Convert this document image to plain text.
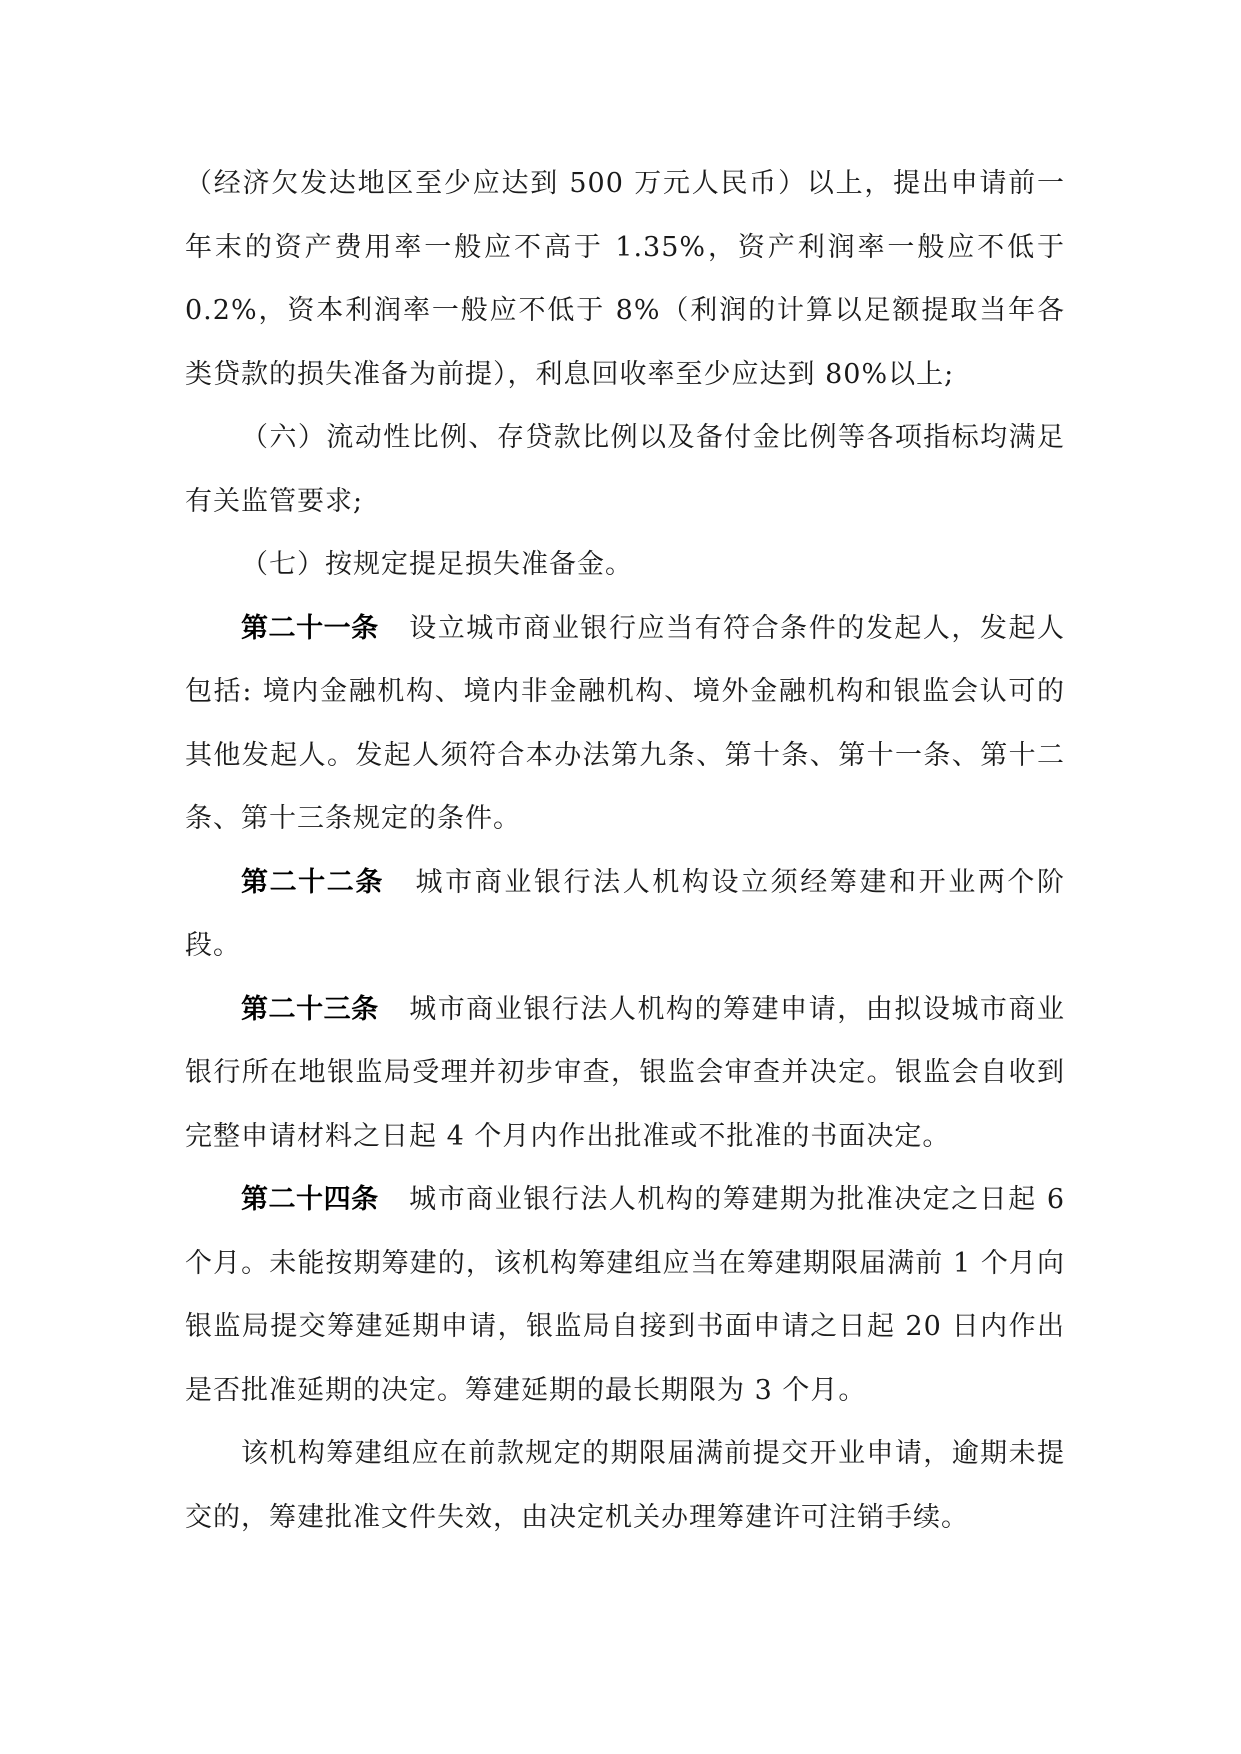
（经济欠发达地区至少应达到 500 万元人民币）以上，提出申请前一年末的资产费用率一般应不高于 1.35%，资产利润率一般应不低于 0.2%，资本利润率一般应不低于 8%（利润的计算以足额提取当年各类贷款的损失准备为前提），利息回收率至少应达到 80%以上;

（六）流动性比例、存贷款比例以及备付金比例等各项指标均满足有关监管要求;

（七）按规定提足损失准备金。

第二十一条 设立城市商业银行应当有符合条件的发起人，发起人包括: 境内金融机构、境内非金融机构、境外金融机构和银监会认可的其他发起人。发起人须符合本办法第九条、第十条、第十一条、第十二条、第十三条规定的条件。

第二十二条 城市商业银行法人机构设立须经筹建和开业两个阶段。

第二十三条 城市商业银行法人机构的筹建申请，由拟设城市商业银行所在地银监局受理并初步审查，银监会审查并决定。银监会自收到完整申请材料之日起 4 个月内作出批准或不批准的书面决定。

第二十四条 城市商业银行法人机构的筹建期为批准决定之日起 6 个月。未能按期筹建的，该机构筹建组应当在筹建期限届满前 1 个月向银监局提交筹建延期申请，银监局自接到书面申请之日起 20 日内作出是否批准延期的决定。筹建延期的最长期限为 3 个月。

该机构筹建组应在前款规定的期限届满前提交开业申请，逾期未提交的，筹建批准文件失效，由决定机关办理筹建许可注销手续。
